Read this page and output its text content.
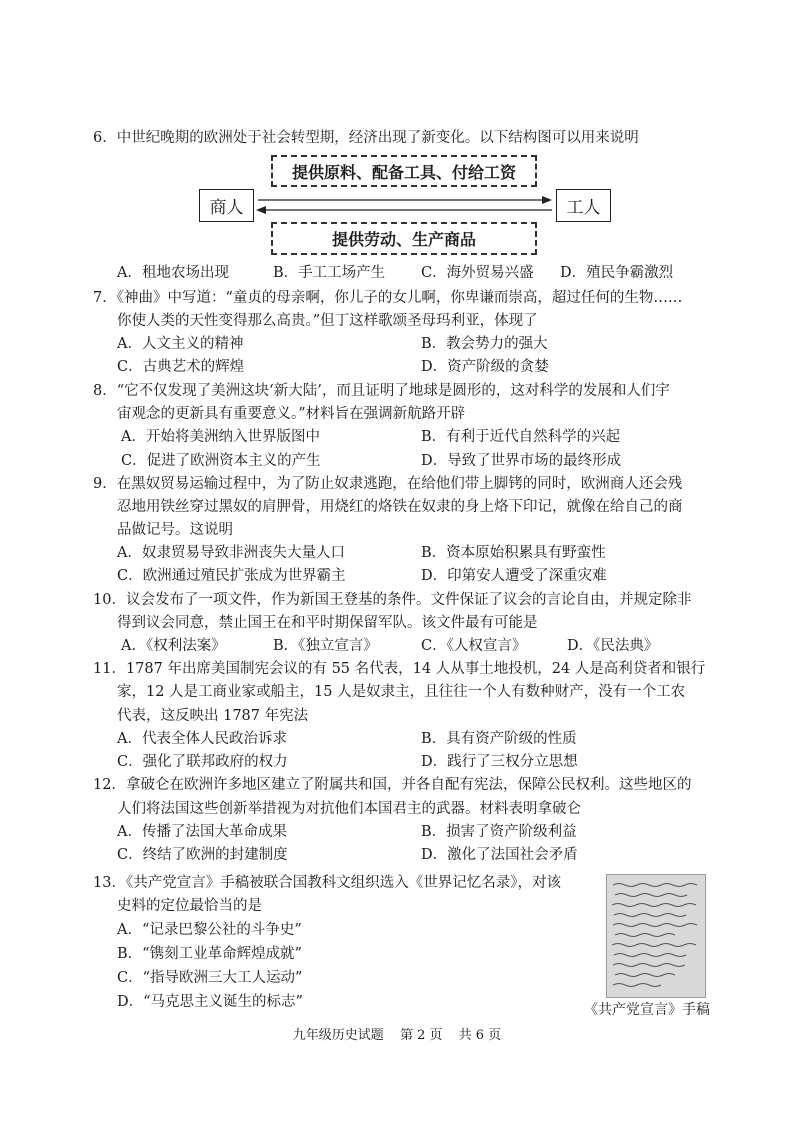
6．中世纪晚期的欧洲处于社会转型期，经济出现了新变化。以下结构图可以用来说明
提供原料、配备工具、付给工资
商人	工人
提供劳动、生产商品
A．租地农场出现	B．手工工场产生 C．海外贸易兴盛 D．殖民争霸激烈
7．《神曲》中写道：“童贞的母亲啊，你儿子的女儿啊，你卑谦而崇高，超过任何的生物……
你使人类的天性变得那么高贵。”但丁这样歌颂圣母玛利亚，体现了
A．人文主义的精神	B．教会势力的强大
C．古典艺术的辉煌	D．资产阶级的贪婪
8．“它不仅发现了美洲这块‘新大陆’，而且证明了地球是圆形的，这对科学的发展和人们宇
宙观念的更新具有重要意义。”材料旨在强调新航路开辟
A．开始将美洲纳入世界版图中	B．有利于近代自然科学的兴起
C．促进了欧洲资本主义的产生	D．导致了世界市场的最终形成
9．在黑奴贸易运输过程中，为了防止奴隶逃跑，在给他们带上脚铐的同时，欧洲商人还会残
忍地用铁丝穿过黑奴的肩胛骨，用烧红的烙铁在奴隶的身上烙下印记，就像在给自己的商
品做记号。这说明
A．奴隶贸易导致非洲丧失大量人口	B．资本原始积累具有野蛮性
C．欧洲通过殖民扩张成为世界霸主	D．印第安人遭受了深重灾难
10．议会发布了一项文件，作为新国王登基的条件。文件保证了议会的言论自由，并规定除非
得到议会同意，禁止国王在和平时期保留军队。该文件最有可能是
A．《权利法案》	B．《独立宣言》	C．《人权宣言》	D．《民法典》
11．1787 年出席美国制宪会议的有 55 名代表，14 人从事土地投机，24 人是高利贷者和银行
家，12 人是工商业家或船主，15 人是奴隶主，且往往一个人有数种财产，没有一个工农
代表，这反映出 1787 年宪法
A．代表全体人民政治诉求	B．具有资产阶级的性质
C．强化了联邦政府的权力	D．践行了三权分立思想
12．拿破仑在欧洲许多地区建立了附属共和国，并各自配有宪法，保障公民权利。这些地区的
人们将法国这些创新举措视为对抗他们本国君主的武器。材料表明拿破仑
A．传播了法国大革命成果	B．损害了资产阶级利益
C．终结了欧洲的封建制度	D．激化了法国社会矛盾
13．《共产党宣言》手稿被联合国教科文组织选入《世界记忆名录》，对该
史料的定位最恰当的是
A．“记录巴黎公社的斗争史”
B．“镌刻工业革命辉煌成就”
C．“指导欧洲三大工人运动”
D．“马克思主义诞生的标志”	《共产党宣言》手稿
九年级历史试题 第 2 页 共 6 页
